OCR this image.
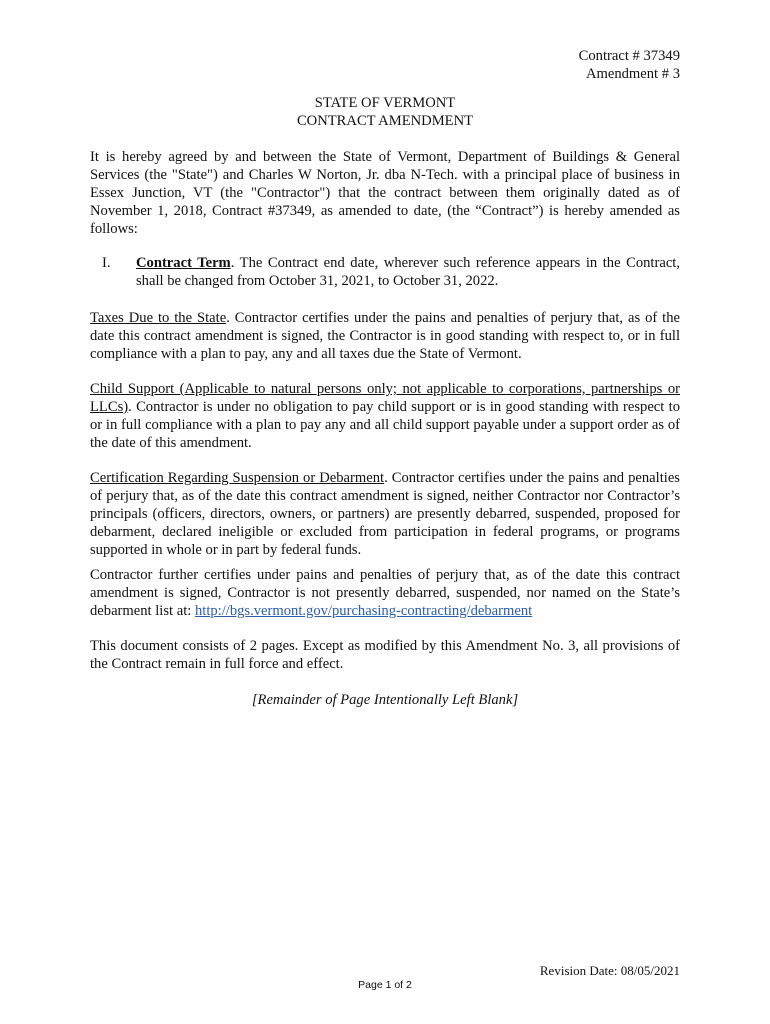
Contract # 37349
Amendment # 3
STATE OF VERMONT
CONTRACT AMENDMENT
It is hereby agreed by and between the State of Vermont, Department of Buildings & General Services (the "State") and Charles W Norton, Jr. dba N-Tech. with a principal place of business in Essex Junction, VT (the "Contractor") that the contract between them originally dated as of November 1, 2018, Contract #37349, as amended to date, (the “Contract”) is hereby amended as follows:
I. Contract Term. The Contract end date, wherever such reference appears in the Contract, shall be changed from October 31, 2021, to October 31, 2022.
Taxes Due to the State. Contractor certifies under the pains and penalties of perjury that, as of the date this contract amendment is signed, the Contractor is in good standing with respect to, or in full compliance with a plan to pay, any and all taxes due the State of Vermont.
Child Support (Applicable to natural persons only; not applicable to corporations, partnerships or LLCs). Contractor is under no obligation to pay child support or is in good standing with respect to or in full compliance with a plan to pay any and all child support payable under a support order as of the date of this amendment.
Certification Regarding Suspension or Debarment. Contractor certifies under the pains and penalties of perjury that, as of the date this contract amendment is signed, neither Contractor nor Contractor’s principals (officers, directors, owners, or partners) are presently debarred, suspended, proposed for debarment, declared ineligible or excluded from participation in federal programs, or programs supported in whole or in part by federal funds.
Contractor further certifies under pains and penalties of perjury that, as of the date this contract amendment is signed, Contractor is not presently debarred, suspended, nor named on the State’s debarment list at: http://bgs.vermont.gov/purchasing-contracting/debarment
This document consists of 2 pages. Except as modified by this Amendment No. 3, all provisions of the Contract remain in full force and effect.
[Remainder of Page Intentionally Left Blank]
Revision Date: 08/05/2021
Page 1 of 2
